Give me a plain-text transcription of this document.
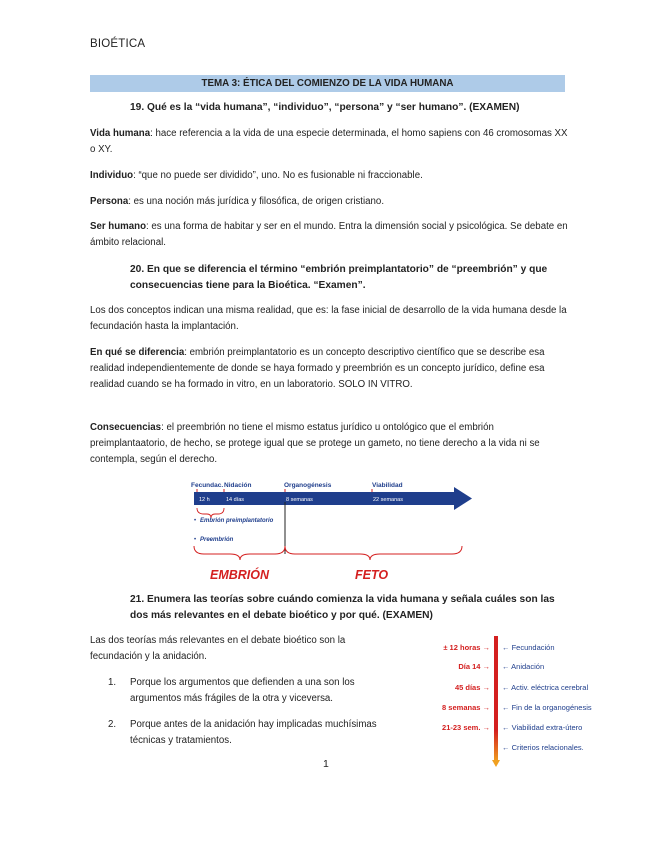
BIOÉTICA
TEMA 3: ÉTICA DEL COMIENZO DE LA VIDA HUMANA
19. Qué es la “vida humana”, “individuo”, “persona” y “ser humano”. (EXAMEN)
Vida humana: hace referencia a la vida de una especie determinada, el homo sapiens con 46 cromosomas XX o XY.
Individuo: “que no puede ser dividido”, uno. No es fusionable ni fraccionable.
Persona: es una noción más jurídica y filosófica, de origen cristiano.
Ser humano: es una forma de habitar y ser en el mundo. Entra la dimensión social y psicológica. Se debate en ámbito relacional.
20. En que se diferencia el término “embrión preimplantatorio” de “preembrión” y que consecuencias tiene para la Bioética. “Examen”.
Los dos conceptos indican una misma realidad, que es: la fase inicial de desarrollo de la vida humana desde la fecundación hasta la implantación.
En qué se diferencia: embrión preimplantatorio es un concepto descriptivo científico que se describe esa realidad independientemente de donde se haya formado y preembrión es un concepto jurídico, define esa realidad cuando se ha formado in vitro, en un laboratorio. SOLO IN VITRO.
Consecuencias: el preembrión no tiene el mismo estatus jurídico u ontológico que el embrión preimplantaatorio, de hecho, se protege igual que se protege un gameto, no tiene derecho a la vida ni se contempla, según el derecho.
Fecundac. Nidación	Organogénesis	Viabilidad
12 h	14 días	8 semanas	22 semanas
• Embrión preimplantatorio
• Preembrión
EMBRIÓN	FETO
21. Enumera las teorías sobre cuándo comienza la vida humana y señala cuáles son las dos más relevantes en el debate bioético y por qué. (EXAMEN)
Las dos teorías más relevantes en el debate bioético son la fecundación y la anidación.
1. Porque los argumentos que defienden a una son los argumentos más frágiles de la otra y viceversa.
2. Porque antes de la anidación hay implicadas muchísimas técnicas y tratamientos.
± 12 horas →
Día 14 →
45 días →
8 semanas →
21-23 sem. →
← Fecundación
← Anidación
← Activ. eléctrica cerebral
← Fin de la organogénesis
← Viabilidad extra-útero
← Criterios relacionales.
1
